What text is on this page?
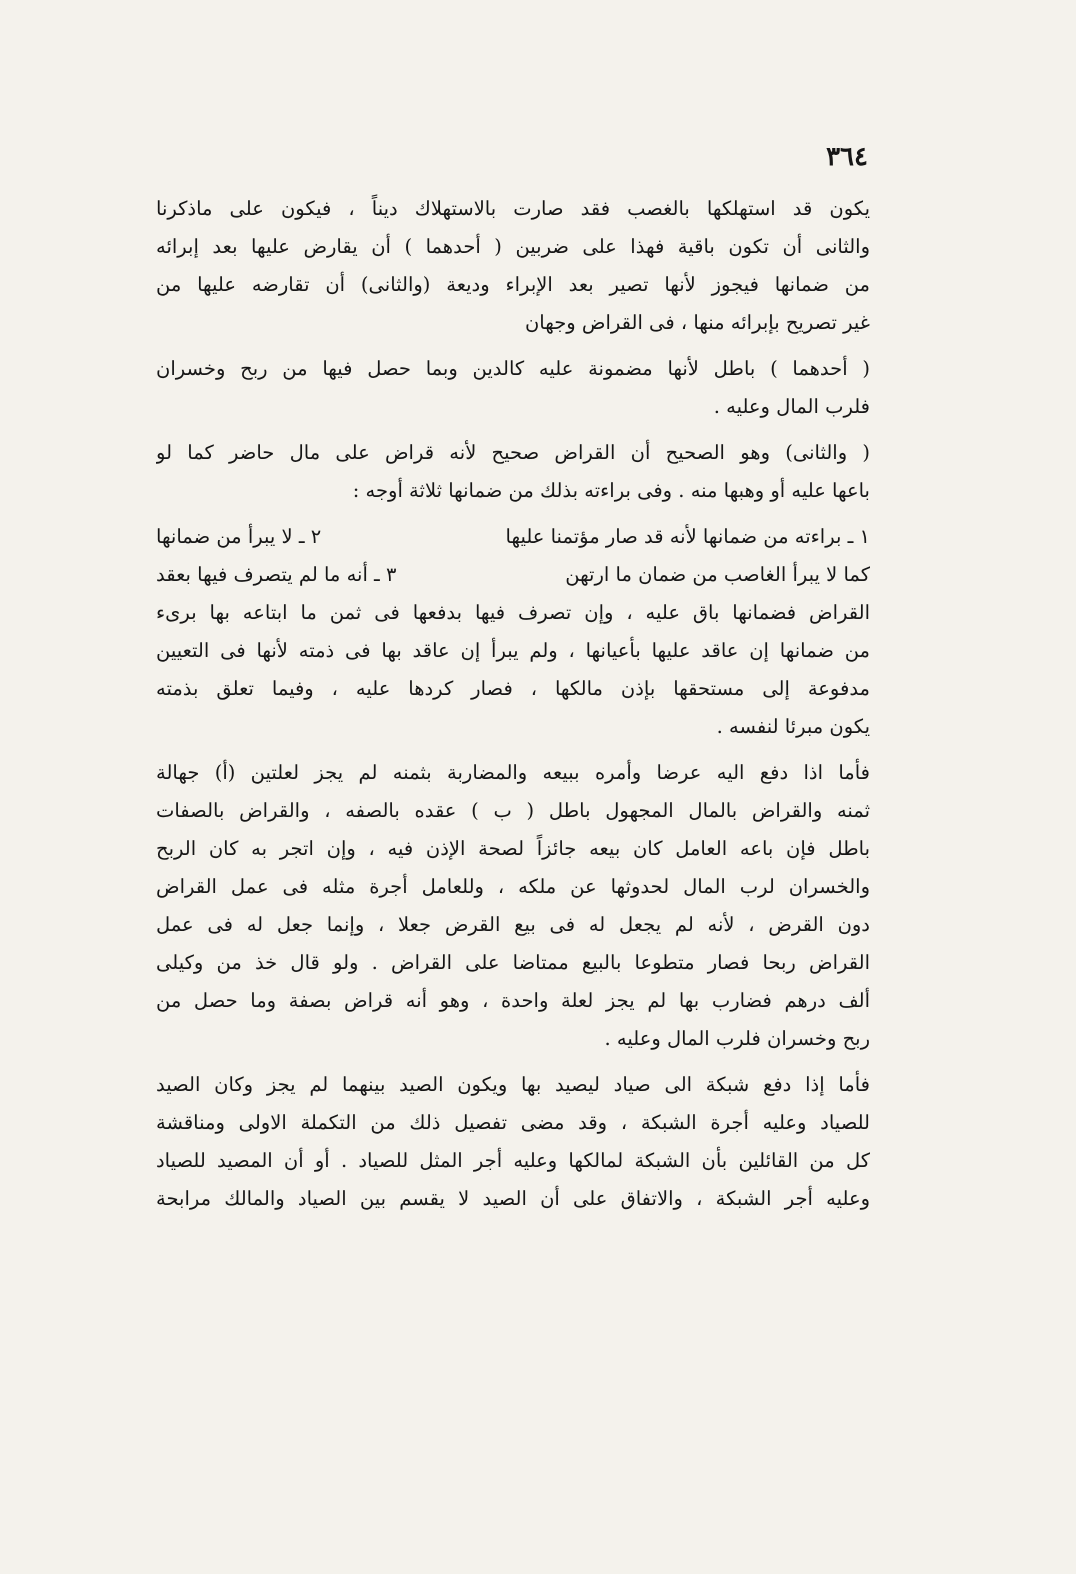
٣٦٤
يكون قد استهلكها بالغصب فقد صارت بالاستهلاك ديناً ، فيكون على ماذكرنا
والثانى أن تكون باقية فهذا على ضربين ( أحدهما ) أن يقارض عليها بعد إبرائه
من ضمانها فيجوز لأنها تصير بعد الإبراء وديعة (والثانى) أن تقارضه عليها من
غير تصريح بإبرائه منها ، فى القراض وجهان
( أحدهما ) باطل لأنها مضمونة عليه كالدين وبما حصل فيها من ربح وخسران
فلرب المال وعليه .
( والثانى) وهو الصحيح أن القراض صحيح لأنه قراض على مال حاضر كما لو
باعها عليه أو وهبها منه . وفى براءته بذلك من ضمانها ثلاثة أوجه :
١ ـ براءته من ضمانها لأنه قد صار مؤتمنا عليها
٢ ـ لا يبرأ من ضمانها
كما لا يبرأ الغاصب من ضمان ما ارتهن
٣ ـ أنه ما لم يتصرف فيها بعقد
القراض فضمانها باق عليه ، وإن تصرف فيها بدفعها فى ثمن ما ابتاعه بها برىء
من ضمانها إن عاقد عليها بأعيانها ، ولم يبرأ إن عاقد بها فى ذمته لأنها فى التعيين
مدفوعة إلى مستحقها بإذن مالكها ، فصار كردها عليه ، وفيما تعلق بذمته
يكون مبرئا لنفسه .
فأما اذا دفع اليه عرضا وأمره ببيعه والمضاربة بثمنه لم يجز لعلتين (أ) جهالة
ثمنه والقراض بالمال المجهول باطل ( ب ) عقده بالصفه ، والقراض بالصفات
باطل فإن باعه العامل كان بيعه جائزاً لصحة الإذن فيه ، وإن اتجر به كان الربح
والخسران لرب المال لحدوثها عن ملكه ، وللعامل أجرة مثله فى عمل القراض
دون القرض ، لأنه لم يجعل له فى بيع القرض جعلا ، وإنما جعل له فى عمل
القراض ربحا فصار متطوعا بالبيع ممتاضا على القراض . ولو قال خذ من وكيلى
ألف درهم فضارب بها لم يجز لعلة واحدة ، وهو أنه قراض بصفة وما حصل من
ربح وخسران فلرب المال وعليه .
فأما إذا دفع شبكة الى صياد ليصيد بها ويكون الصيد بينهما لم يجز وكان الصيد
للصياد وعليه أجرة الشبكة ، وقد مضى تفصيل ذلك من التكملة الاولى ومناقشة
كل من القائلين بأن الشبكة لمالكها وعليه أجر المثل للصياد . أو أن المصيد للصياد
وعليه أجر الشبكة ، والاتفاق على أن الصيد لا يقسم بين الصياد والمالك مرابحة
